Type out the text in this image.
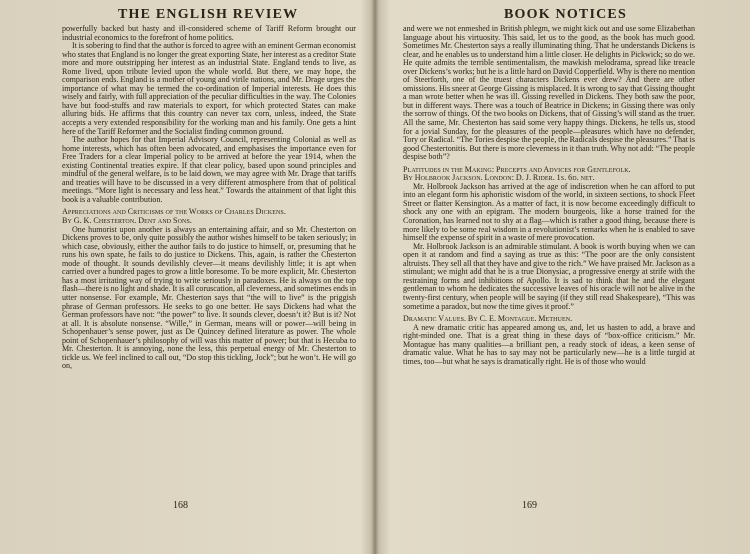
THE ENGLISH REVIEW

powerfully backed but hasty and ill-considered scheme of Tariff Reform brought our industrial economics to the forefront of home politics.

It is sobering to find that the author is forced to agree with an eminent German economist who states that England is no longer the great exporting State, her interest as a creditor State more and more outstripping her interest as an industrial State. England tends to live, as Rome lived, upon tribute levied upon the whole world. But there, we may hope, the comparison ends. England is a mother of young and virile nations, and Mr. Drage urges the importance of what may be termed the co-ordination of Imperial interests. He does this wisely and fairly, with full appreciation of the peculiar difficulties in the way. The Colonies have but food-stuffs and raw materials to export, for which protected States can make alluring bids. He affirms that this country can never tax corn, unless, indeed, the State accepts a very extended responsibility for the working man and his family. One gets a hint here of the Tariff Reformer and the Socialist finding common ground.

The author hopes for that Imperial Advisory Council, representing Colonial as well as home interests, which has often been advocated, and emphasises the importance even for Free Traders for a clear Imperial policy to be arrived at before the year 1914, when the existing Continental treaties expire. If that clear policy, based upon sound principles and mindful of the general welfare, is to be laid down, we may agree with Mr. Drage that tariffs and treaties will have to be discussed in a very different atmosphere from that of political meetings. “More light is necessary and less heat.” Towards the attainment of that light this book is a valuable contribution.

Appreciations and Criticisms of the Works of Charles Dickens.

By G. K. Chesterton. Dent and Sons.

One humorist upon another is always an entertaining affair, and so Mr. Chesterton on Dickens proves to be, only quite possibly the author wishes himself to be taken seriously; in which case, obviously, either the author fails to do justice to himself, or, presuming that he runs his own spate, he fails to do justice to Dickens. This, again, is rather the Chesterton mode of thought. It sounds devilishly clever—it means devilishly little; it is apt when carried over a hundred pages to grow a little boresome. To be more explicit, Mr. Chesterton has a most irritating way of trying to write seriously in paradoxes. He is always on the top flash—there is no light and shade. It is all coruscation, all cleverness, and sometimes ends in utter nonsense. For example, Mr. Chesterton says that “the will to live” is the priggish phrase of German professors. He seeks to go one better. He says Dickens had what the German professors have not: “the power” to live. It sounds clever, doesn’t it? But is it? Not at all. It is absolute nonsense. “Wille,” in German, means will or power—will being in Schopenhauer’s sense power, just as De Quincey defined literature as power. The whole point of Schopenhauer’s philosophy of will was this matter of power; but that is Hecuba to Mr. Chesterton. It is annoying, none the less, this perpetual energy of Mr. Chesterton to tickle us. We feel inclined to call out, “Do stop this tickling, Jock”; but he won’t. He will go on,

168
BOOK NOTICES

and were we not enmeshed in British phlegm, we might kick out and use some Elizabethan language about his virtuosity. This said, let us to the good, as the book has much good. Sometimes Mr. Chesterton says a really illuminating thing. That he understands Dickens is clear, and he enables us to understand him a little closer. He delights in Pickwick; so do we. He quite admits the terrible sentimentalism, the mawkish melodrama, spread like treacle over Dickens’s works; but he is a little hard on David Copperfield. Why is there no mention of Steerforth, one of the truest characters Dickens ever drew? And there are other omissions. His sneer at George Gissing is misplaced. It is wrong to say that Gissing thought a man wrote better when he was ill. Gissing revelled in Dickens. They both saw the poor, but in different ways. There was a touch of Beatrice in Dickens; in Gissing there was only the sorrow of things. Of the two books on Dickens, that of Gissing’s will stand as the truer. All the same, Mr. Chesterton has said some very happy things. Dickens, he tells us, stood for a jovial Sunday, for the pleasures of the people—pleasures which have no defender, Tory or Radical. “The Tories despise the people, the Radicals despise the pleasures.” That is good Chestertonitis. But there is more cleverness in it than truth. Why not add: “The people despise both”?

Platitudes in the Making: Precepts and Advices for Gentlefolk.

By Holbrook Jackson. London: D. J. Rider. 1s. 6d. net.

Mr. Holbrook Jackson has arrived at the age of indiscretion when he can afford to put into an elegant form his aphoristic wisdom of the world, in sixteen sections, to shock Fleet Street or flatter Kensington. As a matter of fact, it is now become exceedingly difficult to shock any one with an epigram. The modern bourgeois, like a horse trained for the Coronation, has learned not to shy at a flag—which is rather a good thing, because there is more likely to be some real wisdom in a revolutionist’s remarks when he is enabled to save himself the expense of spirit in a waste of mere provocation.

Mr. Holbrook Jackson is an admirable stimulant. A book is worth buying when we can open it at random and find a saying as true as this: “The poor are the only consistent altruists. They sell all that they have and give to the rich.” We have praised Mr. Jackson as a stimulant; we might add that he is a true Dionysiac, a progressive energy at strife with the restraining forms and inhibitions of Apollo. It is sad to think that he and the elegant gentleman to whom he dedicates the successive leaves of his oracle will not be alive in the twenty-first century, when people will be saying (if they still read Shakespeare), “This was sometime a paradox, but now the time gives it proof.”

Dramatic Values. By C. E. Montague. Methuen.

A new dramatic critic has appeared among us, and, let us hasten to add, a brave and right-minded one. That is a great thing in these days of “box-office criticism.” Mr. Montague has many qualities—a brilliant pen, a ready stock of ideas, a keen sense of dramatic value. What he has to say may not be particularly new—he is a little turgid at times, too—but what he says is dramatically right. He is of those who would

169
